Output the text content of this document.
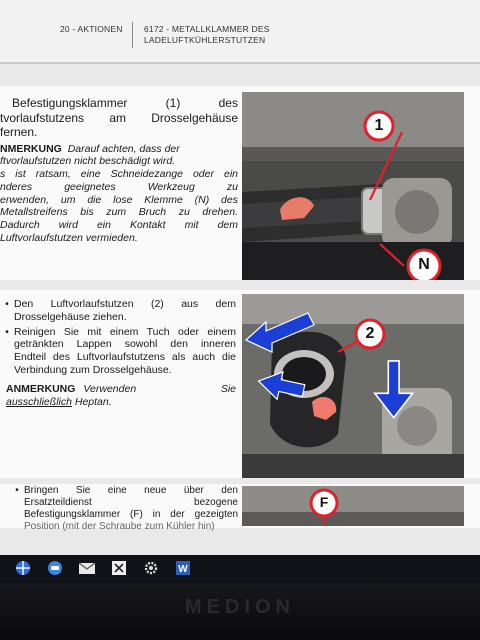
20 - AKTIONEN	6172 - METALLKLAMMER DES LADELUFTKÜHLERSTUTZEN

Befestigungsklammer	(1)	des

tvorlaufstutzens am Drosselgehäuse

fernen.

NMERKUNG Darauf achten, dass der

ftvorlaufstutzen nicht beschädigt wird.

s ist ratsam, eine Schneidezange oder ein

nderes geeignetes Werkzeug zu

erwenden, um die lose Klemme (N) des

Metallstreifens bis zum Bruch zu drehen.

Dadurch wird ein Kontakt mit dem

Luftvorlaufstutzen vermieden.

• Den Luftvorlaufstutzen (2) aus dem

Drosselgehäuse ziehen.

• Reinigen Sie mit einem Tuch oder einem

getränkten Lappen sowohl den inneren

Endteil des Luftvorlaufstutzens als auch die

Verbindung zum Drosselgehäuse.

ANMERKUNG Verwenden	Sie

ausschließlich Heptan.

• Bringen Sie eine neue über den

Ersatzteildienst bezogene

Befestigungsklammer (F) in der gezeigten

Position (mit der Schraube zum Kühler hin)

1
N
2
F
W
MEDION
